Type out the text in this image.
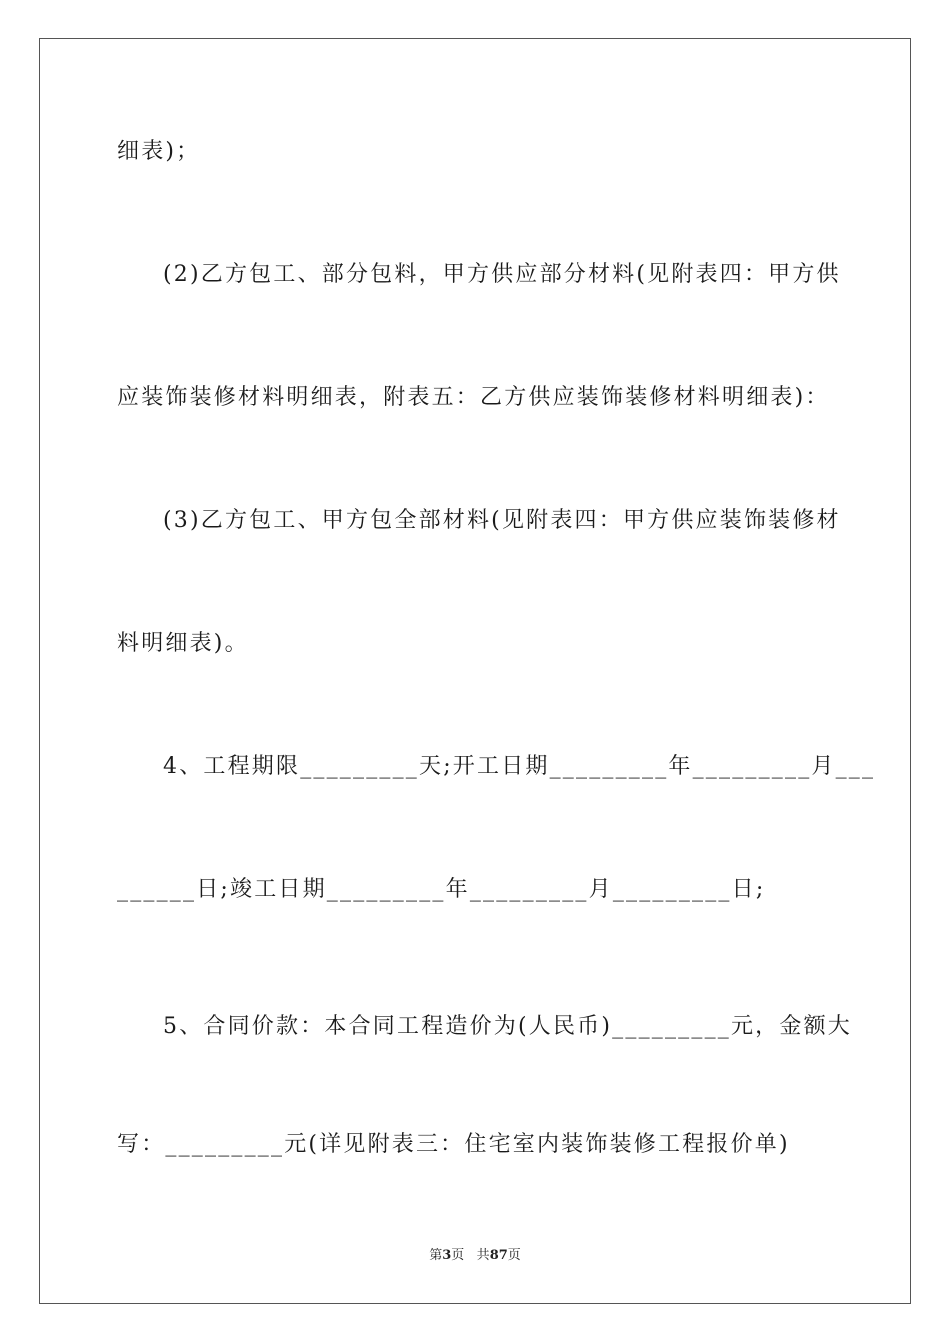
细表)；
(2)乙方包工、部分包料，甲方供应部分材料(见附表四：甲方供
应装饰装修材料明细表，附表五：乙方供应装饰装修材料明细表)：
(3)乙方包工、甲方包全部材料(见附表四：甲方供应装饰装修材
料明细表)。
4、工程期限_________天;开工日期_________年_________月___
______日;竣工日期_________年_________月_________日;
5、合同价款：本合同工程造价为(人民币)_________元，金额大
写：_________元(详见附表三：住宅室内装饰装修工程报价单)
第3页 共87页
